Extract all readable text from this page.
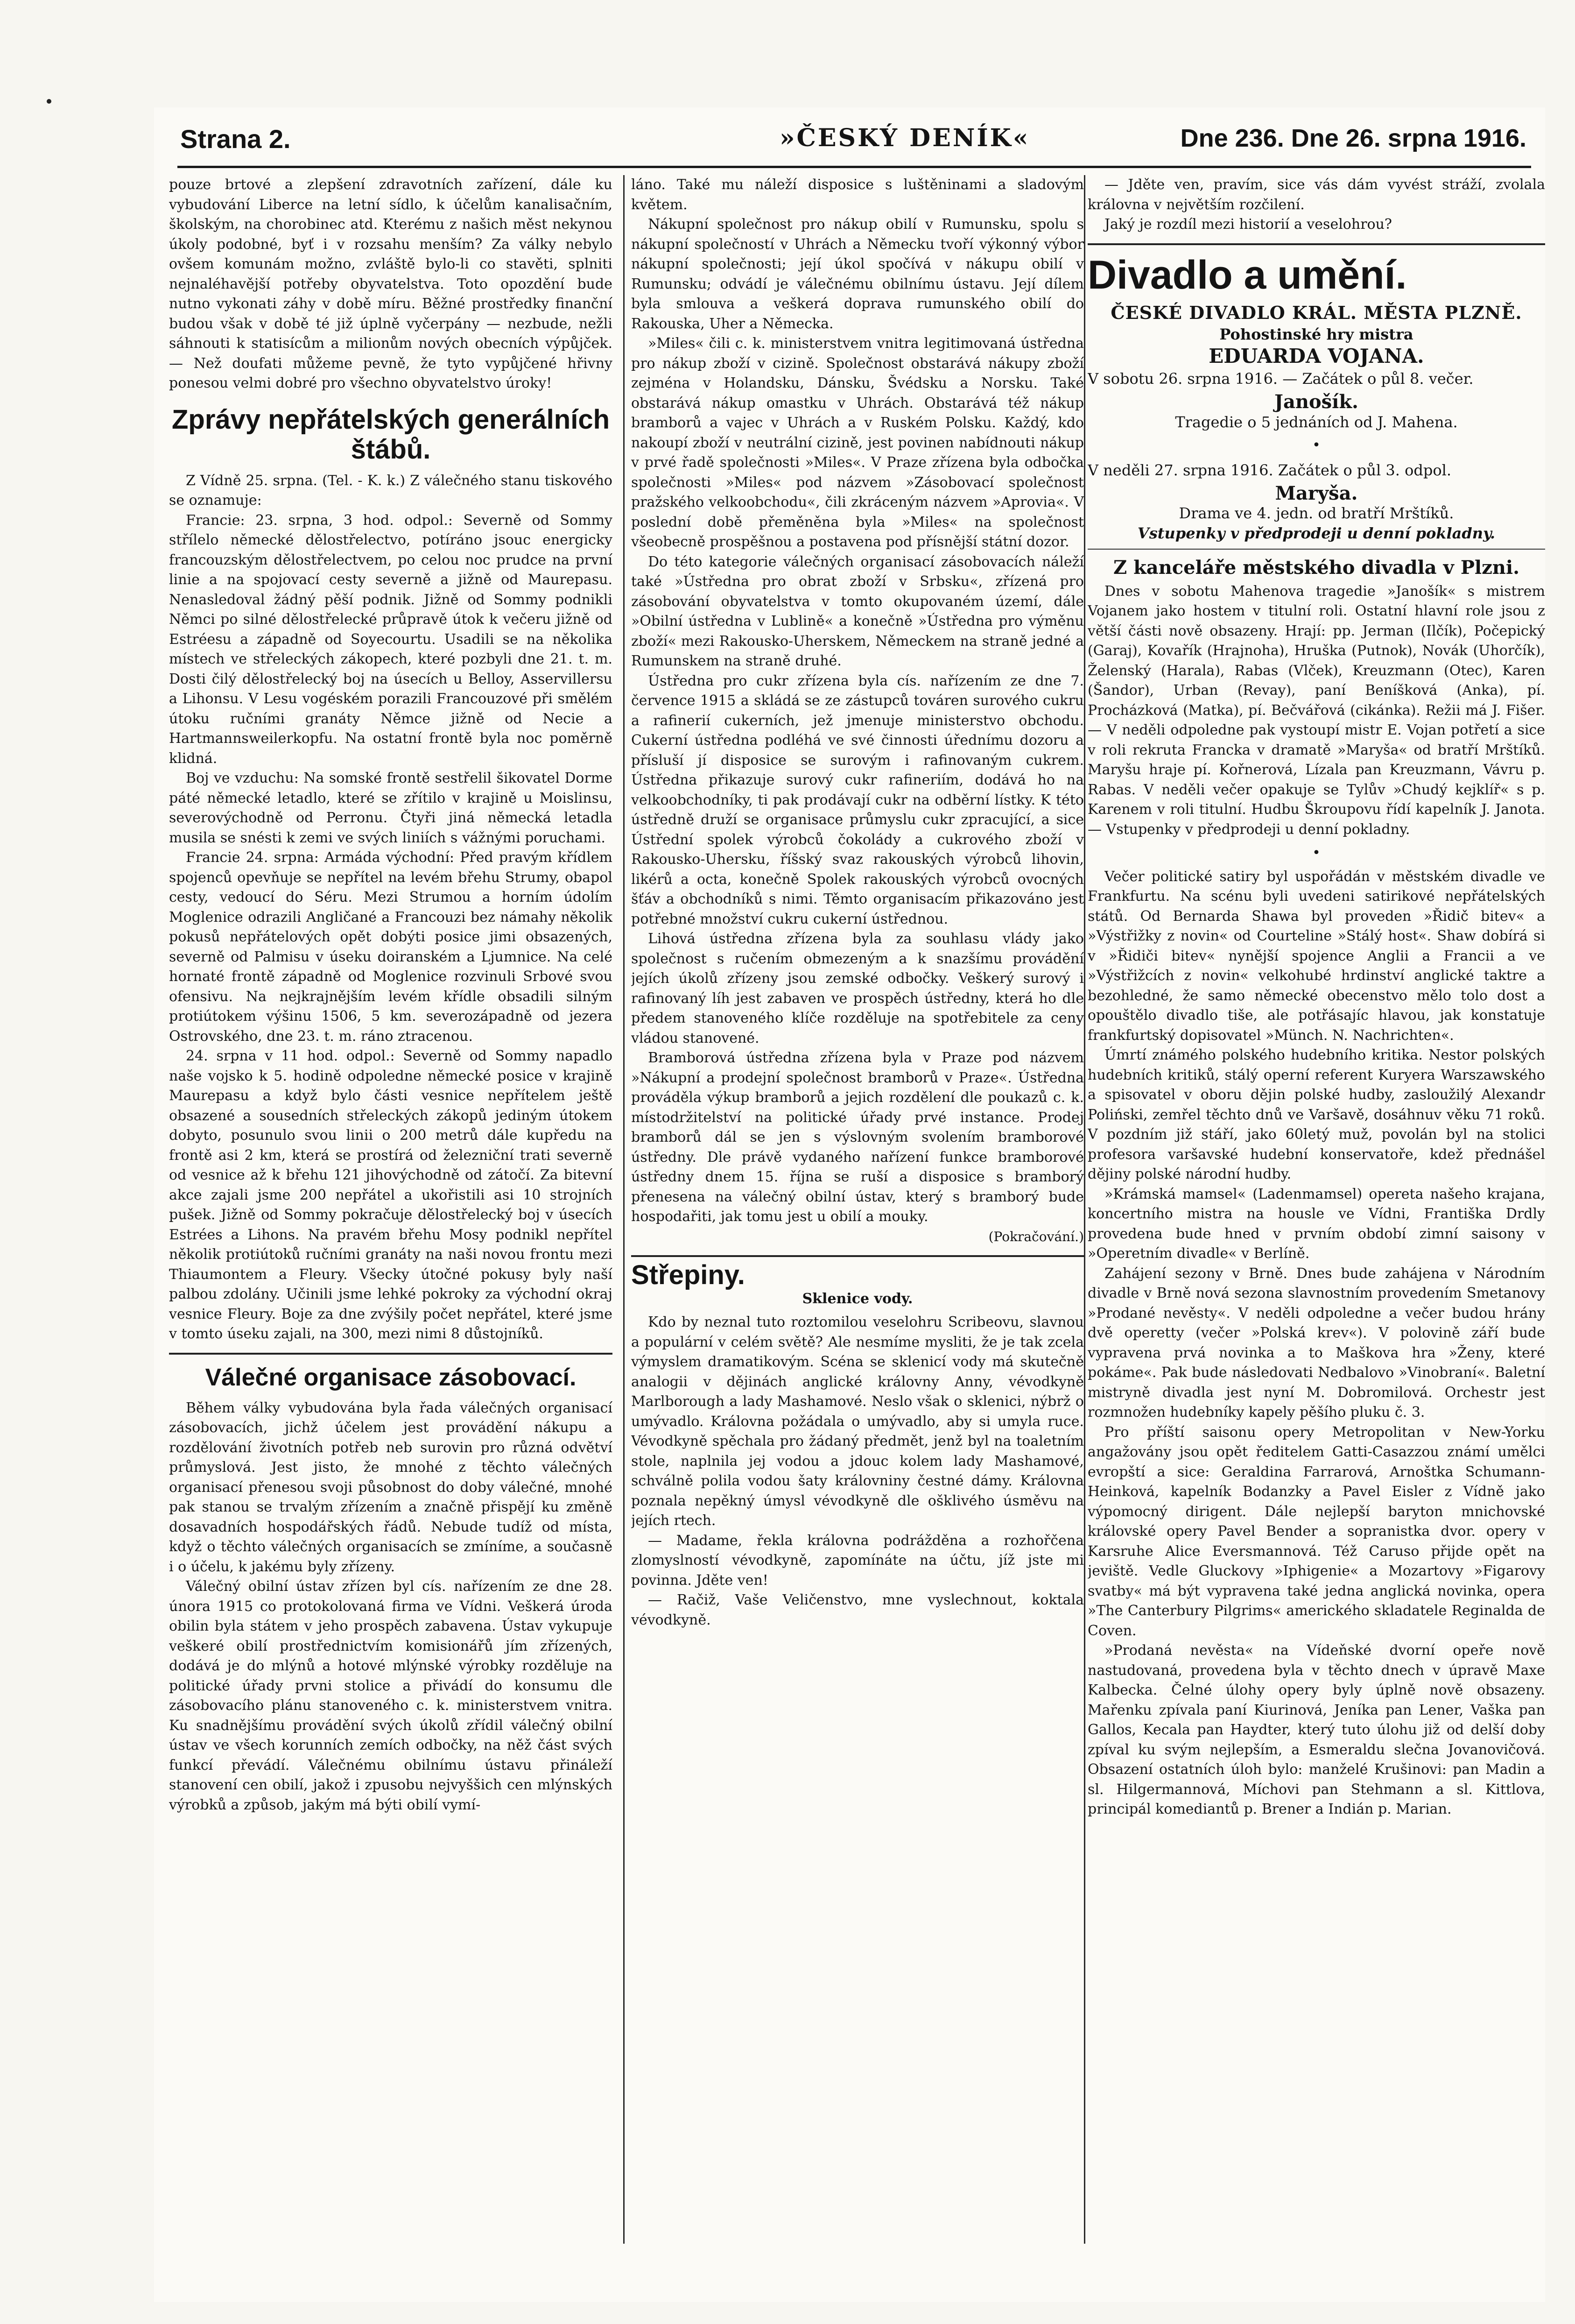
Strana 2.	»ČESKÝ DENÍK«	Dne 236. Dne 26. srpna 1916.

pouze brtové a zlepšení zdravotních zařízení, dále ku vybudování Liberce na letní sídlo, k účelům kanalisačním, školským, na chorobinec atd. Kterému z našich měst nekynou úkoly podobné, byť i v rozsahu menším? Za války nebylo ovšem komunám možno, zvláště bylo-li co stavěti, splniti nejnaléhavější potřeby obyvatelstva. Toto opozdění bude nutno vykonati záhy v době míru. Běžné prostředky finanční budou však v době té již úplně vyčerpány — nezbude, nežli sáhnouti k statisícům a milionům nových obecních výpůjček. — Než doufati můžeme pevně, že tyto vypůjčené hřivny ponesou velmi dobré pro všechno obyvatelstvo úroky!

Zprávy nepřátelských generálních štábů.

Z Vídně 25. srpna. (Tel. - K. k.) Z válečného stanu tiskového se oznamuje:

Francie: 23. srpna, 3 hod. odpol.: Severně od Sommy střílelo německé dělostřelectvo, potíráno jsouc energicky francouzským dělostřelectvem, po celou noc prudce na první linie a na spojovací cesty severně a jižně od Maurepasu. Nenasledoval žádný pěší podnik. Jižně od Sommy podnikli Němci po silné dělostřelecké průpravě útok k večeru jižně od Estréesu a západně od Soyecourtu. Usadili se na několika místech ve střeleckých zákopech, které pozbyli dne 21. t. m. Dosti čilý dělostřelecký boj na úsecích u Belloy, Asservillersu a Lihonsu. V Lesu vogéském porazili Francouzové při smělém útoku ručními granáty Němce jižně od Necie a Hartmannsweilerkopfu. Na ostatní frontě byla noc poměrně klidná.

Boj ve vzduchu: Na somské frontě sestřelil šikovatel Dorme páté německé letadlo, které se zřítilo v krajině u Moislinsu, severovýchodně od Perronu. Čtyři jiná německá letadla musila se snésti k zemi ve svých liniích s vážnými poruchami.

Francie 24. srpna: Armáda východní: Před pravým křídlem spojenců opevňuje se nepřítel na levém břehu Strumy, obapol cesty, vedoucí do Séru. Mezi Strumou a horním údolím Moglenice odrazili Angličané a Francouzi bez námahy několik pokusů nepřátelových opět dobýti posice jimi obsazených, severně od Palmisu v úseku doiranském a Ljumnice. Na celé hornaté frontě západně od Moglenice rozvinuli Srbové svou ofensivu. Na nejkrajnějším levém křídle obsadili silným protiútokem výšinu 1506, 5 km. severozápadně od jezera Ostrovského, dne 23. t. m. ráno ztracenou.

24. srpna v 11 hod. odpol.: Severně od Sommy napadlo naše vojsko k 5. hodině odpoledne německé posice v krajině Maurepasu a když bylo části vesnice nepřítelem ještě obsazené a sousedních střeleckých zákopů jediným útokem dobyto, posunulo svou linii o 200 metrů dále kupředu na frontě asi 2 km, která se prostírá od železniční trati severně od vesnice až k břehu 121 jihovýchodně od zátočí. Za bitevní akce zajali jsme 200 nepřátel a ukořistili asi 10 strojních pušek. Jižně od Sommy pokračuje dělostřelecký boj v úsecích Estrées a Lihons. Na pravém břehu Mosy podnikl nepřítel několik protiútoků ručními granáty na naši novou frontu mezi Thiaumontem a Fleury. Všecky útočné pokusy byly naší palbou zdolány. Učinili jsme lehké pokroky za východní okraj vesnice Fleury. Boje za dne zvýšily počet nepřátel, které jsme v tomto úseku zajali, na 300, mezi nimi 8 důstojníků.

Válečné organisace zásobovací.

Během války vybudována byla řada válečných organisací zásobovacích, jichž účelem jest provádění nákupu a rozdělování životních potřeb neb surovin pro různá odvětví průmyslová. Jest jisto, že mnohé z těchto válečných organisací přenesou svoji působnost do doby válečné, mnohé pak stanou se trvalým zřízením a značně přispějí ku změně dosavadních hospodářských řádů. Nebude tudíž od místa, když o těchto válečných organisacích se zmíníme, a současně i o účelu, k jakému byly zřízeny.

Válečný obilní ústav zřízen byl cís. nařízením ze dne 28. února 1915 co protokolovaná firma ve Vídni. Veškerá úroda obilin byla státem v jeho prospěch zabavena. Ústav vykupuje veškeré obilí prostřednictvím komisionářů jím zřízených, dodává je do mlýnů a hotové mlýnské výrobky rozděluje na politické úřady prvni stolice a přivádí do konsumu dle zásobovacího plánu stanoveného c. k. ministerstvem vnitra. Ku snadnějšímu provádění svých úkolů zřídil válečný obilní ústav ve všech korunních zemích odbočky, na něž část svých funkcí převádí. Válečnému obilnímu ústavu přináleží stanovení cen obilí, jakož i zpusobu nejvyššich cen mlýnských výrobků a způsob, jakým má býti obilí vymí-

láno. Také mu náleží disposice s luštěninami a sladovým květem.

Nákupní společnost pro nákup obilí v Rumunsku, spolu s nákupní společností v Uhrách a Německu tvoří výkonný výbor nákupní společnosti; její úkol spočívá v nákupu obilí v Rumunsku; odvádí je válečnému obilnímu ústavu. Její dílem byla smlouva a veškerá doprava rumunského obilí do Rakouska, Uher a Německa.

»Miles« čili c. k. ministerstvem vnitra legitimovaná ústředna pro nákup zboží v cizině. Společnost obstarává nákupy zboží zejména v Holandsku, Dánsku, Švédsku a Norsku. Také obstarává nákup omastku v Uhrách. Obstarává též nákup bramborů a vajec v Uhrách a v Ruském Polsku. Každý, kdo nakoupí zboží v neutrální cizině, jest povinen nabídnouti nákup v prvé řadě společnosti »Miles«. V Praze zřízena byla odbočka společnosti »Miles« pod názvem »Zásobovací společnost pražského velkoobchodu«, čili zkráceným názvem »Aprovia«. V poslední době přeměněna byla »Miles« na společnost všeobecně prospěšnou a postavena pod přísnější státní dozor.

Do této kategorie válečných organisací zásobovacích náleží také »Ústředna pro obrat zboží v Srbsku«, zřízená pro zásobování obyvatelstva v tomto okupovaném území, dále »Obilní ústředna v Lublině« a konečně »Ústředna pro výměnu zboží« mezi Rakousko-Uherskem, Německem na straně jedné a Rumunskem na straně druhé.

Ústředna pro cukr zřízena byla cís. nařízením ze dne 7. července 1915 a skládá se ze zástupců továren surového cukru a rafinerií cukerních, jež jmenuje ministerstvo obchodu. Cukerní ústředna podléhá ve své činnosti úřednímu dozoru a přísluší jí disposice se surovým i rafinovaným cukrem. Ústředna přikazuje surový cukr rafineriím, dodává ho na velkoobchodníky, ti pak prodávají cukr na odběrní lístky. K této ústředně druží se organisace průmyslu cukr zpracující, a sice Ústřední spolek výrobců čokolády a cukrového zboží v Rakousko-Uhersku, říšský svaz rakouských výrobců lihovin, likérů a octa, konečně Spolek rakouských výrobců ovocných šťáv a obchodníků s nimi. Těmto organisacím přikazováno jest potřebné množství cukru cukerní ústřednou.

Lihová ústředna zřízena byla za souhlasu vlády jako společnost s ručením obmezeným a k snazšímu provádění jejích úkolů zřízeny jsou zemské odbočky. Veškerý surový i rafinovaný líh jest zabaven ve prospěch ústředny, která ho dle předem stanoveného klíče rozděluje na spotřebitele za ceny vládou stanovené.

Bramborová ústředna zřízena byla v Praze pod názvem »Nákupní a prodejní společnost bramborů v Praze«. Ústředna prováděla výkup bramborů a jejich rozdělení dle poukazů c. k. místodržitelství na politické úřady prvé instance. Prodej bramborů dál se jen s výslovným svolením bramborové ústředny. Dle právě vydaného nařízení funkce bramborové ústředny dnem 15. října se ruší a disposice s bramborý přenesena na válečný obilní ústav, který s bramborý bude hospodařiti, jak tomu jest u obilí a mouky.

(Pokračování.)
Střepiny.
Sklenice vody.

Kdo by neznal tuto roztomilou veselohru Scribeovu, slavnou a populární v celém světě? Ale nesmíme mysliti, že je tak zcela výmyslem dramatikovým. Scéna se sklenicí vody má skutečně analogii v dějinách anglické královny Anny, vévodkyně Marlborough a lady Mashamové. Neslo však o sklenici, nýbrž o umývadlo. Královna požádala o umývadlo, aby si umyla ruce. Vévodkyně spěchala pro žádaný předmět, jenž byl na toaletním stole, naplnila jej vodou a jdouc kolem lady Mashamové, schválně polila vodou šaty královniny čestné dámy. Královna poznala nepěkný úmysl vévodkyně dle ošklivého úsměvu na jejích rtech.

— Madame, řekla královna podrážděna a rozhořčena zlomyslností vévodkyně, zapomínáte na účtu, jíž jste mi povinna. Jděte ven!

— Račiž, Vaše Veličenstvo, mne vyslechnout, koktala vévodkyně.

— Jděte ven, pravím, sice vás dám vyvést stráží, zvolala královna v největším rozčilení.

Jaký je rozdíl mezi historií a veselohrou?

Divadlo a umění.
ČESKÉ DIVADLO KRÁL. MĚSTA PLZNĚ.
Pohostinské hry mistra
EDUARDA VOJANA.
V sobotu 26. srpna 1916. — Začátek o půl 8. večer.
Janošík.
Tragedie o 5 jednáních od J. Mahena.
•
V neděli 27. srpna 1916. Začátek o půl 3. odpol.
Maryša.
Drama ve 4. jedn. od bratří Mrštíků.
Vstupenky v předprodeji u denní pokladny.
Z kanceláře městského divadla v Plzni.

Dnes v sobotu Mahenova tragedie »Janošík« s mistrem Vojanem jako hostem v titulní roli. Ostatní hlavní role jsou z větší části nově obsazeny. Hrají: pp. Jerman (Ilčík), Počepický (Garaj), Kovařík (Hrajnoha), Hruška (Putnok), Novák (Uhorčík), Želenský (Harala), Rabas (Vlček), Kreuzmann (Otec), Karen (Šandor), Urban (Revay), paní Beníšková (Anka), pí. Procházková (Matka), pí. Bečvářová (cikánka). Režii má J. Fišer. — V neděli odpoledne pak vystoupí mistr E. Vojan potřetí a sice v roli rekruta Francka v dramatě »Maryša« od bratří Mrštíků. Maryšu hraje pí. Kořnerová, Lízala pan Kreuzmann, Vávru p. Rabas. V neděli večer opakuje se Tylův »Chudý kejklíř« s p. Karenem v roli titulní. Hudbu Škroupovu řídí kapelník J. Janota. — Vstupenky v předprodeji u denní pokladny.

•

Večer politické satiry byl uspořádán v městském divadle ve Frankfurtu. Na scénu byli uvedeni satirikové nepřátelských států. Od Bernarda Shawa byl proveden »Řidič bitev« a »Výstřižky z novin« od Courteline »Stálý host«. Shaw dobírá si v »Řidiči bitev« nynější spojence Anglii a Francii a ve »Výstřižcích z novin« velkohubé hrdinství anglické taktre a bezohledné, že samo německé obecenstvo mělo tolo dost a opouštělo divadlo tiše, ale potřásajíc hlavou, jak konstatuje frankfurtský dopisovatel »Münch. N. Nachrichten«.

Úmrtí známého polského hudebního kritika. Nestor polských hudebních kritiků, stálý operní referent Kuryera Warszawského a spisovatel v oboru dějin polské hudby, zasloužilý Alexandr Poliński, zemřel těchto dnů ve Varšavě, dosáhnuv věku 71 roků. V pozdním již stáří, jako 60letý muž, povolán byl na stolici profesora varšavské hudební konservatoře, kdež přednášel dějiny polské národní hudby.

»Krámská mamsel« (Ladenmamsel) opereta našeho krajana, koncertního mistra na housle ve Vídni, Františka Drdly provedena bude hned v prvním období zimní saisony v »Operetním divadle« v Berlíně.

Zahájení sezony v Brně. Dnes bude zahájena v Národním divadle v Brně nová sezona slavnostním provedením Smetanovy »Prodané nevěsty«. V neděli odpoledne a večer budou hrány dvě operetty (večer »Polská krev«). V polovině září bude vypravena prvá novinka a to Maškova hra »Ženy, které pokáme«. Pak bude následovati Nedbalovo »Vinobraní«. Baletní mistryně divadla jest nyní M. Dobromilová. Orchestr jest rozmnožen hudebníky kapely pěšího pluku č. 3.

Pro příští saisonu opery Metropolitan v New-Yorku angažovány jsou opět ředitelem Gatti-Casazzou známí umělci evropští a sice: Geraldina Farrarová, Arnoštka Schumann-Heinková, kapelník Bodanzky a Pavel Eisler z Vídně jako výpomocný dirigent. Dále nejlepší baryton mnichovské královské opery Pavel Bender a sopranistka dvor. opery v Karsruhe Alice Eversmannová. Též Caruso přijde opět na jeviště. Vedle Gluckovy »Iphigenie« a Mozartovy »Figarovy svatby« má být vypravena také jedna anglická novinka, opera »The Canterbury Pilgrims« amerického skladatele Reginalda de Coven.

»Prodaná nevěsta« na Vídeňské dvorní opeře nově nastudovaná, provedena byla v těchto dnech v úpravě Maxe Kalbecka. Čelné úlohy opery byly úplně nově obsazeny. Mařenku zpívala paní Kiurinová, Jeníka pan Lener, Vaška pan Gallos, Kecala pan Haydter, který tuto úlohu již od delší doby zpíval ku svým nejlepším, a Esmeraldu slečna Jovanovičová. Obsazení ostatních úloh bylo: manželé Krušinovi: pan Madin a sl. Hilgermannová, Míchovi pan Stehmann a sl. Kittlova, principál komediantů p. Brener a Indián p. Marian.
